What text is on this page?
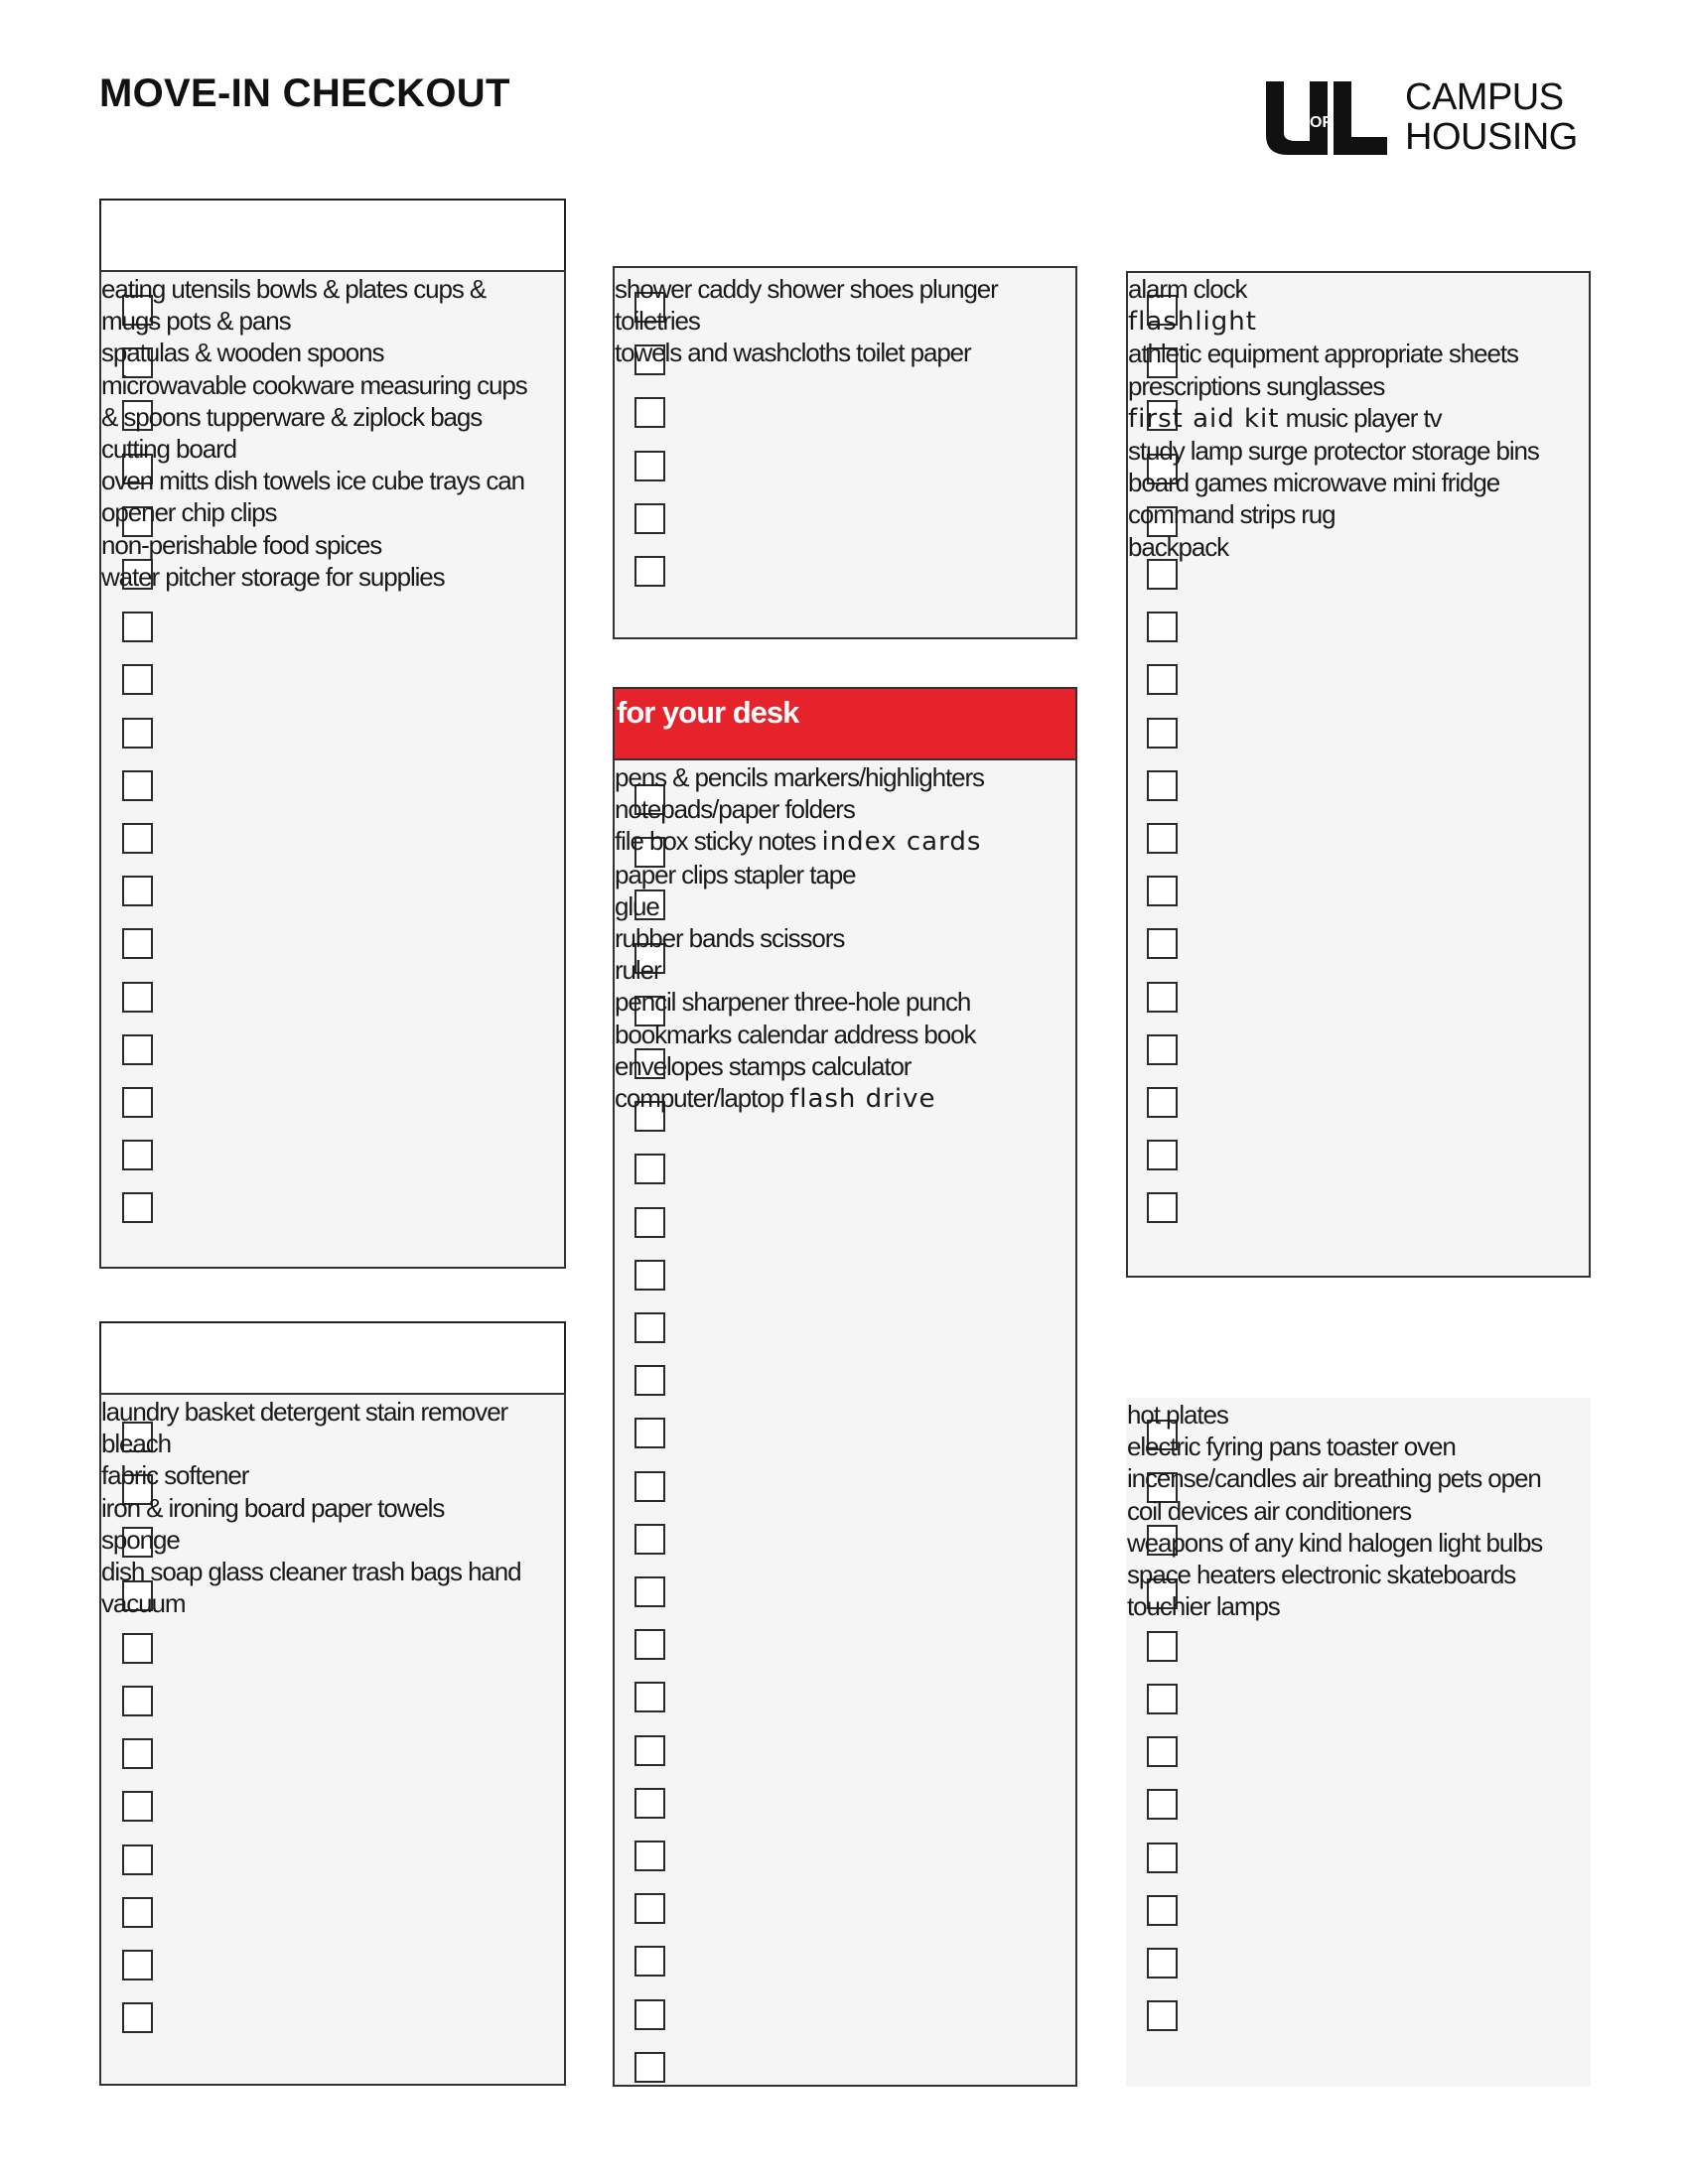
MOVE-IN CHECKOUT
OF
CAMPUS
HOUSING
eating utensils bowls & plates cups &
mugs pots & pans
spatulas & wooden spoons
microwavable cookware measuring cups
& spoons tupperware & ziplock bags
cutting board
oven mitts dish towels ice cube trays can
opener chip clips
non-perishable food spices
water pitcher storage for supplies
shower caddy shower shoes plunger
toiletries
towels and washcloths toilet paper
for your desk
pens & pencils markers/highlighters
notepads/paper folders
file box sticky notes index cards
paper clips stapler tape
glue
rubber bands scissors
ruler
pencil sharpener three-hole punch
bookmarks calendar address book
envelopes stamps calculator
computer/laptop flash drive
alarm clock
flashlight
athletic equipment appropriate sheets
prescriptions sunglasses
first aid kit music player tv
study lamp surge protector storage bins
board games microwave mini fridge
command strips rug
backpack
laundry basket detergent stain remover
bleach
fabric softener
iron & ironing board paper towels
sponge
dish soap glass cleaner trash bags hand
vacuum
hot plates
electric fyring pans toaster oven
incense/candles air breathing pets open
coil devices air conditioners
weapons of any kind halogen light bulbs
space heaters electronic skateboards
touchier lamps
